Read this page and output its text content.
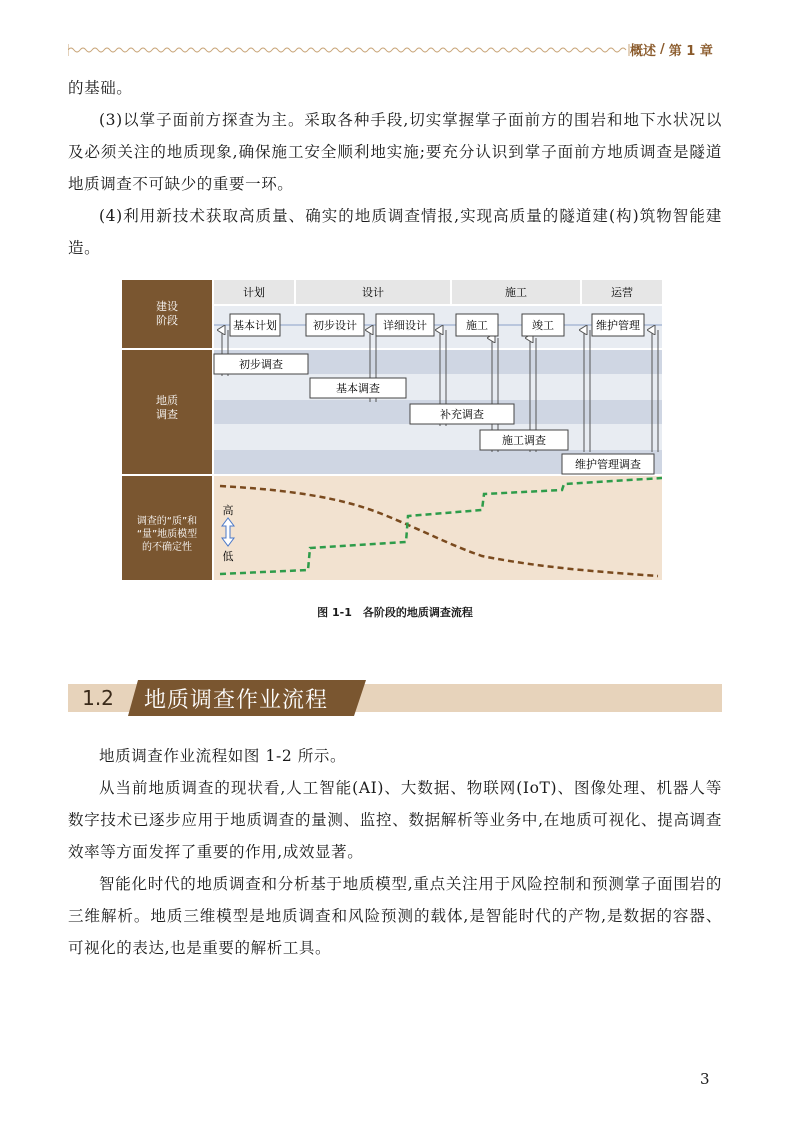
概述 / 第 1 章
的基础。
(3)以掌子面前方探查为主。采取各种手段,切实掌握掌子面前方的围岩和地下水状况以及必须关注的地质现象,确保施工安全顺利地实施;要充分认识到掌子面前方地质调查是隧道地质调查不可缺少的重要一环。
(4)利用新技术获取高质量、确实的地质调查情报,实现高质量的隧道建(构)筑物智能建造。
建设
阶段
地质
调查
调查的“质”和
“量”地质模型
的不确定性
计划	设计	施工	运营
基本计划	初步设计 详细设计	施工	竣工	维护管理
初步调查
基本调查
补充调查
施工调查
维护管理调查
高
低
图 1-1　各阶段的地质调查流程
1.2	地质调查作业流程
地质调查作业流程如图 1-2 所示。
从当前地质调查的现状看,人工智能(AI)、大数据、物联网(IoT)、图像处理、机器人等数字技术已逐步应用于地质调查的量测、监控、数据解析等业务中,在地质可视化、提高调查效率等方面发挥了重要的作用,成效显著。
智能化时代的地质调查和分析基于地质模型,重点关注用于风险控制和预测掌子面围岩的三维解析。地质三维模型是地质调查和风险预测的载体,是智能时代的产物,是数据的容器、可视化的表达,也是重要的解析工具。
3
